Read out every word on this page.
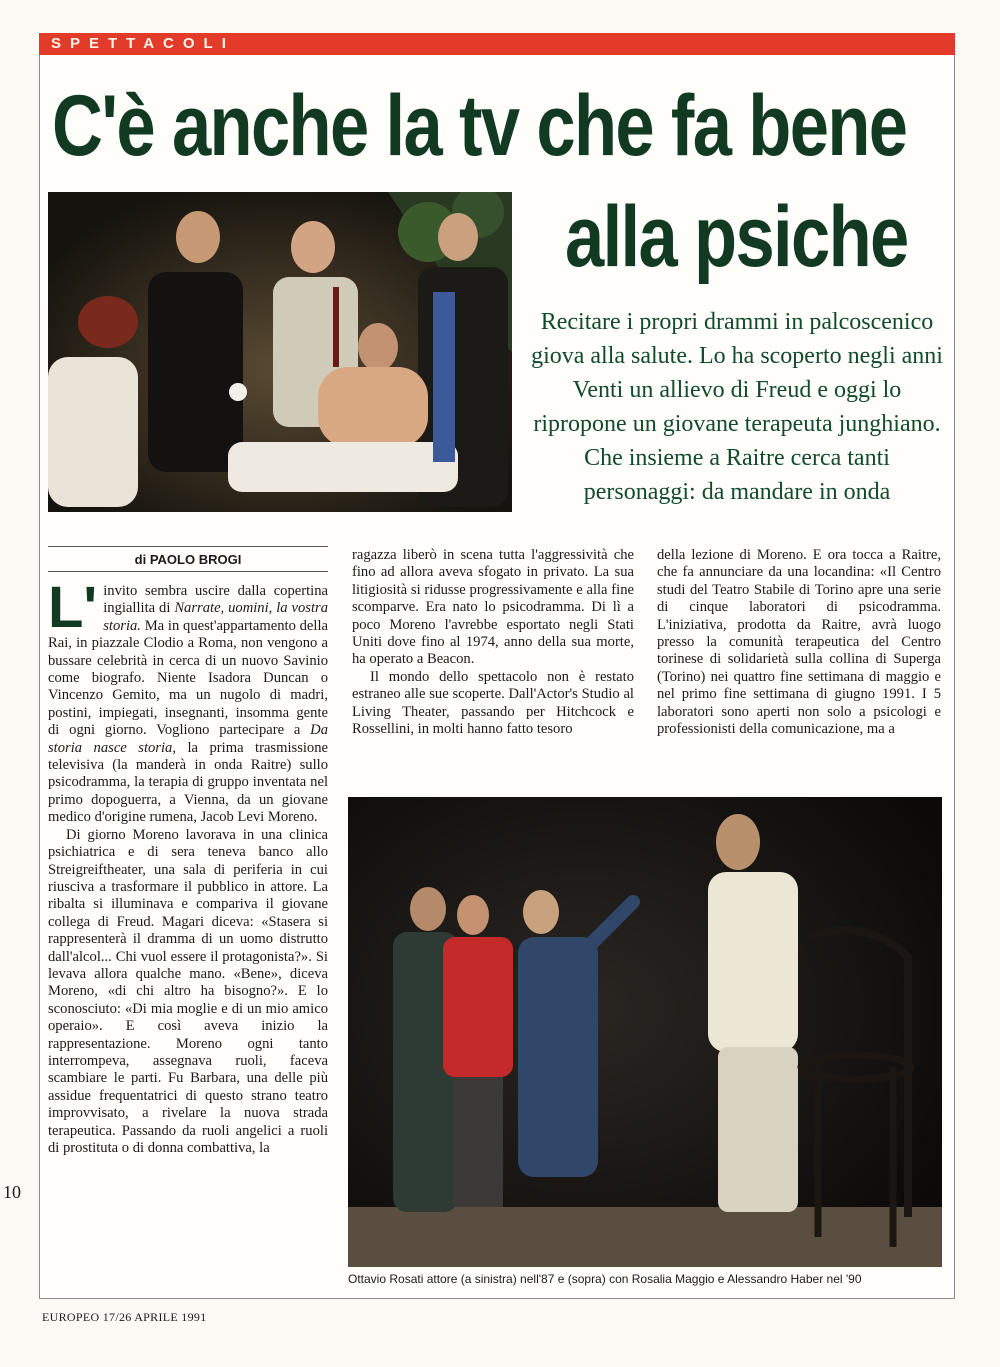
SPETTACOLI
C'è anche la tv che fa bene
alla psiche
Recitare i propri drammi in palcoscenico giova alla salute. Lo ha scoperto negli anni Venti un allievo di Freud e oggi lo ripropone un giovane terapeuta junghiano. Che insieme a Raitre cerca tanti personaggi: da mandare in onda
di PAOLO BROGI

L' invito sembra uscire dalla copertina ingiallita di Narrate, uomini, la vostra storia. Ma in quest'appartamento della Rai, in piazzale Clodio a Roma, non vengono a bussare celebrità in cerca di un nuovo Savinio come biografo. Niente Isadora Duncan o Vincenzo Gemito, ma un nugolo di madri, postini, impiegati, insegnanti, insomma gente di ogni giorno. Vogliono partecipare a Da storia nasce storia, la prima trasmissione televisiva (la manderà in onda Raitre) sullo psicodramma, la terapia di gruppo inventata nel primo dopoguerra, a Vienna, da un giovane medico d'origine rumena, Jacob Levi Moreno.

Di giorno Moreno lavorava in una clinica psichiatrica e di sera teneva banco allo Streigreiftheater, una sala di periferia in cui riusciva a trasformare il pubblico in attore. La ribalta si illuminava e compariva il giovane collega di Freud. Magari diceva: «Stasera si rappresenterà il dramma di un uomo distrutto dall'alcol... Chi vuol essere il protagonista?». Si levava allora qualche mano. «Bene», diceva Moreno, «di chi altro ha bisogno?». E lo sconosciuto: «Di mia moglie e di un mio amico operaio». E così aveva inizio la rappresentazione. Moreno ogni tanto interrompeva, assegnava ruoli, faceva scambiare le parti. Fu Barbara, una delle più assidue frequentatrici di questo strano teatro improvvisato, a rivelare la nuova strada terapeutica. Passando da ruoli angelici a ruoli di prostituta o di donna combattiva, la

ragazza liberò in scena tutta l'aggressività che fino ad allora aveva sfogato in privato. La sua litigiosità si ridusse progressivamente e alla fine scomparve. Era nato lo psicodramma. Di lì a poco Moreno l'avrebbe esportato negli Stati Uniti dove fino al 1974, anno della sua morte, ha operato a Beacon.

Il mondo dello spettacolo non è restato estraneo alle sue scoperte. Dall'Actor's Studio al Living Theater, passando per Hitchcock e Rossellini, in molti hanno fatto tesoro

della lezione di Moreno. E ora tocca a Raitre, che fa annunciare da una locandina: «Il Centro studi del Teatro Stabile di Torino apre una serie di cinque laboratori di psicodramma. L'iniziativa, prodotta da Raitre, avrà luogo presso la comunità terapeutica del Centro torinese di solidarietà sulla collina di Superga (Torino) nei quattro fine settimana di maggio e nel primo fine settimana di giugno 1991. I 5 laboratori sono aperti non solo a psicologi e professionisti della comunicazione, ma a

Ottavio Rosati attore (a sinistra) nell'87 e (sopra) con Rosalia Maggio e Alessandro Haber nel '90
10
EUROPEO 17/26 APRILE 1991
